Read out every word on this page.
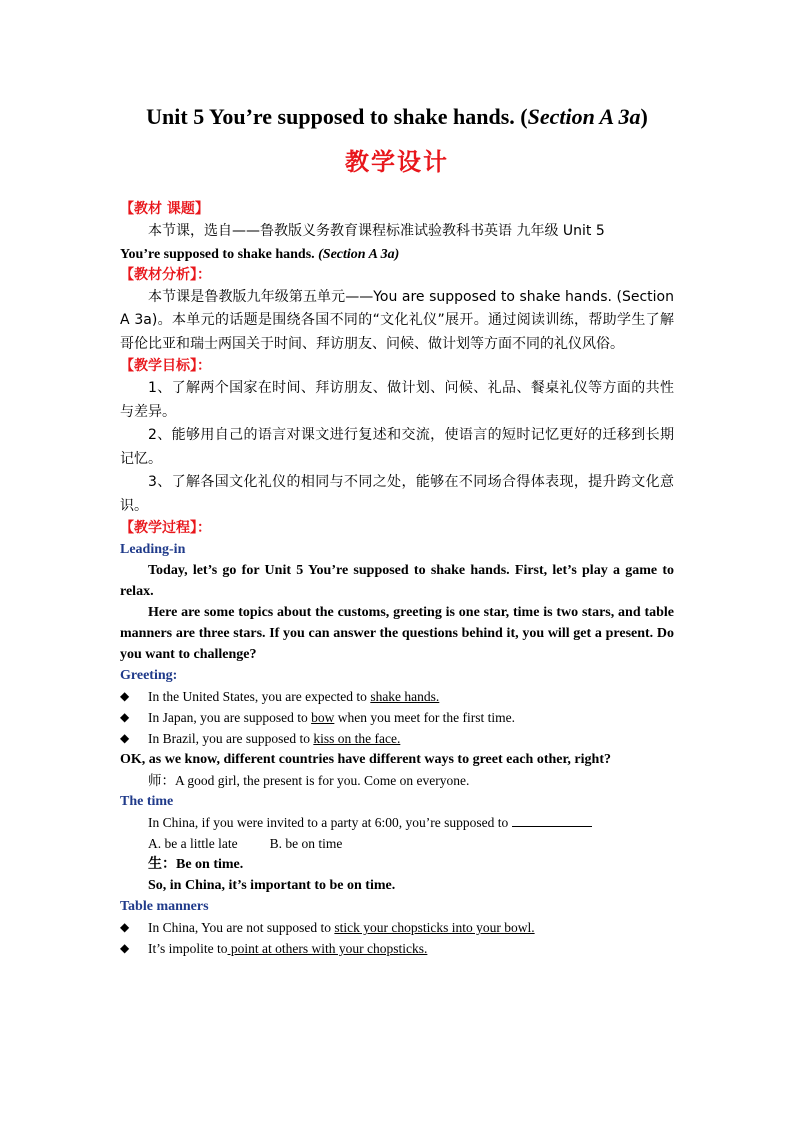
Unit 5 You’re supposed to shake hands. (Section A 3a)
教学设计
【教材 课题】
本节课，选自——鲁教版义务教育课程标准试验教科书英语 九年级 Unit 5
You’re supposed to shake hands. (Section A 3a)
【教材分析】：
本节课是鲁教版九年级第五单元——You are supposed to shake hands. (Section A 3a)。本单元的话题是围绕各国不同的“文化礼仪”展开。通过阅读训练，帮助学生了解哥伦比亚和瑞士两国关于时间、拜访朋友、问候、做计划等方面不同的礼仪风俗。
【教学目标】：
1、了解两个国家在时间、拜访朋友、做计划、问候、礼品、餐桌礼仪等方面的共性与差异。
2、能够用自己的语言对课文进行复述和交流，使语言的短时记忆更好的迁移到长期记忆。
3、了解各国文化礼仪的相同与不同之处，能够在不同场合得体表现，提升跨文化意识。
【教学过程】：
Leading-in
Today, let’s go for Unit 5 You’re supposed to shake hands. First, let’s play a game to relax.
Here are some topics about the customs, greeting is one star, time is two stars, and table manners are three stars. If you can answer the questions behind it, you will get a present. Do you want to challenge?
Greeting:
◆	In the United States, you are expected to shake hands.
◆	In Japan, you are supposed to bow when you meet for the first time.
◆	In Brazil, you are supposed to kiss on the face.
OK, as we know, different countries have different ways to greet each other, right?
师：A good girl, the present is for you. Come on everyone.
The time
In China, if you were invited to a party at 6:00, you’re supposed to
A. be a little late B. be on time
生：Be on time.
So, in China, it’s important to be on time.
Table manners
◆	In China, You are not supposed to stick your chopsticks into your bowl.
◆	It’s impolite to point at others with your chopsticks.
